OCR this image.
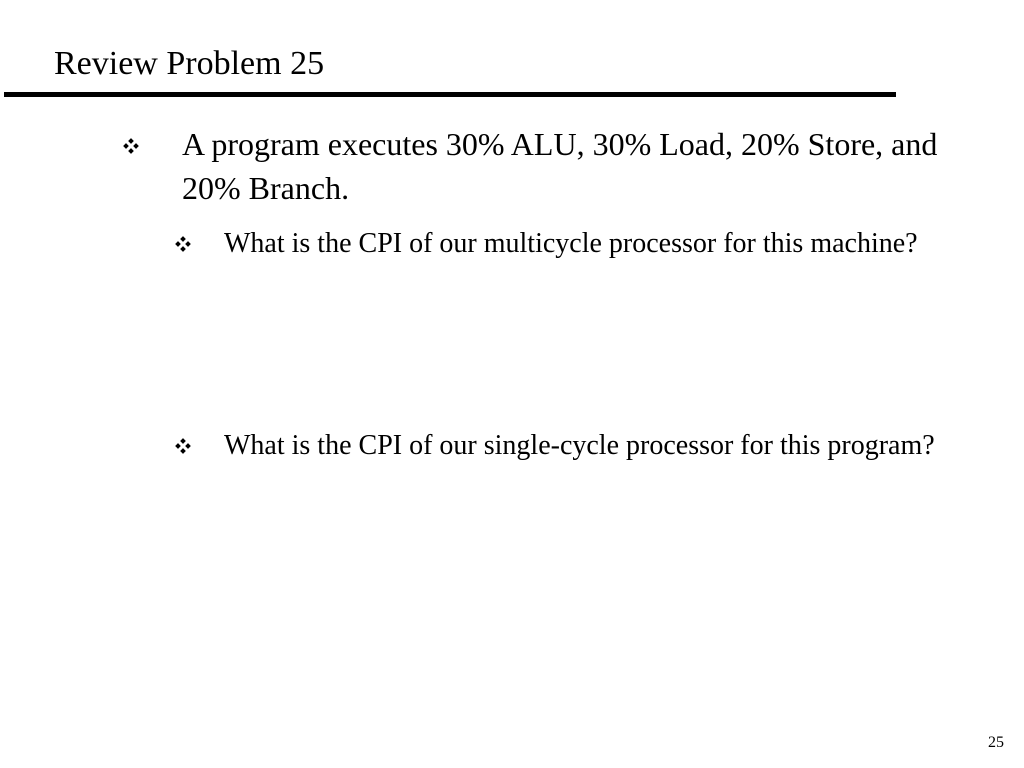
Review Problem 25
A program executes 30% ALU, 30% Load, 20% Store, and 20% Branch.
What is the CPI of our multicycle processor for this machine?
What is the CPI of our single-cycle processor for this program?
25
